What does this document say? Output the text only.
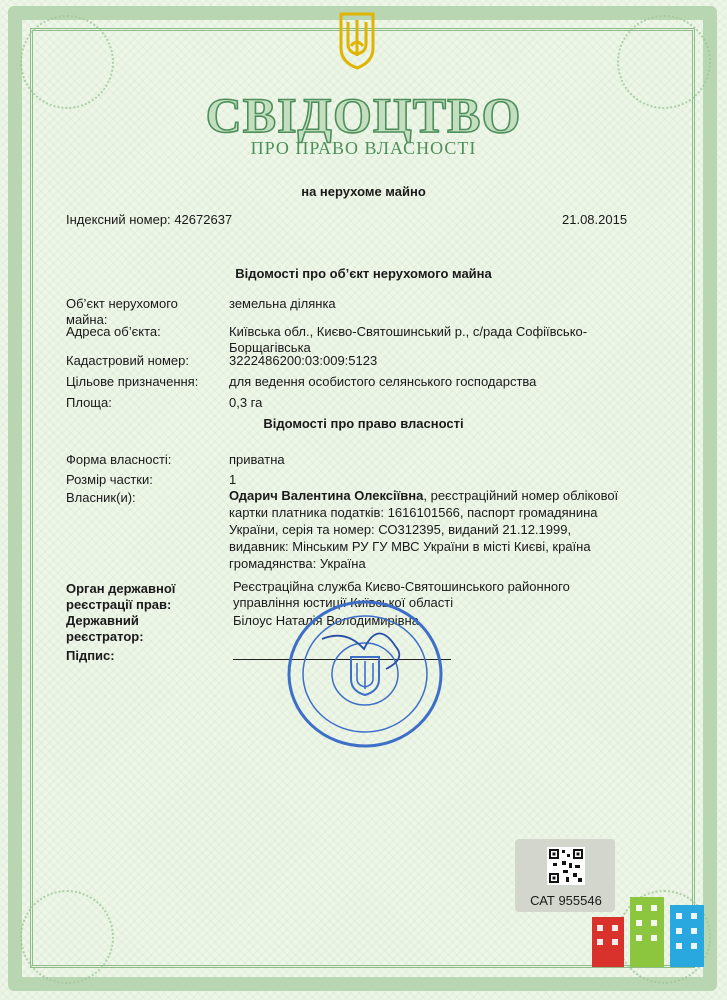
СВІДОЦТВО
ПРО ПРАВО ВЛАСНОСТІ
на нерухоме майно
Індексний номер: 42672637	21.08.2015
Відомості про об’єкт нерухомого майна
Об’єкт нерухомого
майна:
земельна ділянка
Адреса об’єкта:	Київська обл., Києво-Святошинський р., с/рада Софіївсько-
Борщагівська
Кадастровий номер:	3222486200:03:009:5123
Цільове призначення: для ведення особистого селянського господарства
Площа:	0,3 га
Відомості про право власності
Форма власності:	приватна
Розмір частки:	1
Власник(и):	Одарич Валентина Олексіївна, реєстраційний номер облікової
картки платника податків: 1616101566, паспорт громадянина
України, серія та номер: СО312395, виданий 21.12.1999,
видавник: Мінським РУ ГУ МВС України в місті Києві, країна
громадянства: Україна
Орган державної
реєстрації прав:
Реєстраційна служба Києво-Святошинського районного
управління юстиції Київської області
Державний
реєстратор:
Білоус Наталія Володимирівна
Підпис:
САТ 955546
